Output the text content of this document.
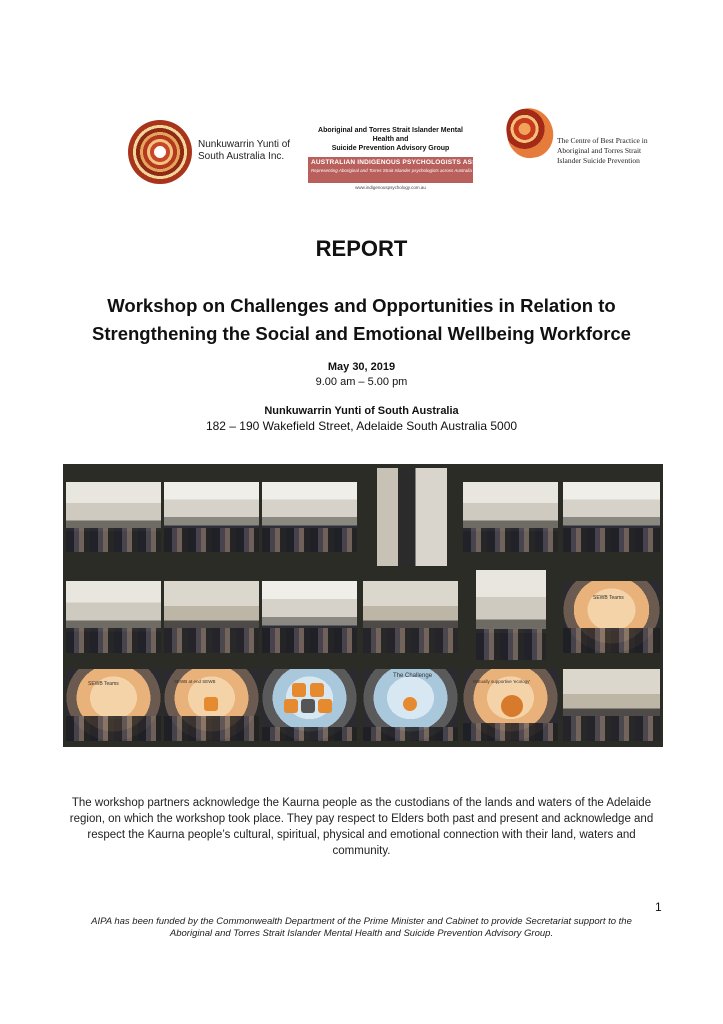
Nunkuwarrin Yunti of
South Australia Inc.
Aboriginal and Torres Strait Islander Mental Health and
Suicide Prevention Advisory Group
AUSTRALIAN INDIGENOUS PSYCHOLOGISTS ASSOCIATION
Representing Aboriginal and Torres Strait Islander psychologists across Australia
www.indigenouspsychology.com.au
The Centre of Best Practice in
Aboriginal and Torres Strait
Islander Suicide Prevention
REPORT
Workshop on Challenges and Opportunities in Relation to
Strengthening the Social and Emotional Wellbeing Workforce
May 30, 2019
9.00 am – 5.00 pm
Nunkuwarrin Yunti of South Australia
182 – 190 Wakefield Street, Adelaide South Australia 5000
SEWB Teams
SEWB Teams	SEWB at end SEWB
The Challenge
Mutually supportive 'ecology'
The workshop partners acknowledge the Kaurna people as the custodians of the lands and waters of the Adelaide region, on which the workshop took place. They pay respect to Elders both past and present and acknowledge and respect the Kaurna people’s cultural, spiritual, physical and emotional connection with their land, waters and community.
1
AIPA has been funded by the Commonwealth Department of the Prime Minister and Cabinet to provide Secretariat support to the
Aboriginal and Torres Strait Islander Mental Health and Suicide Prevention Advisory Group.
